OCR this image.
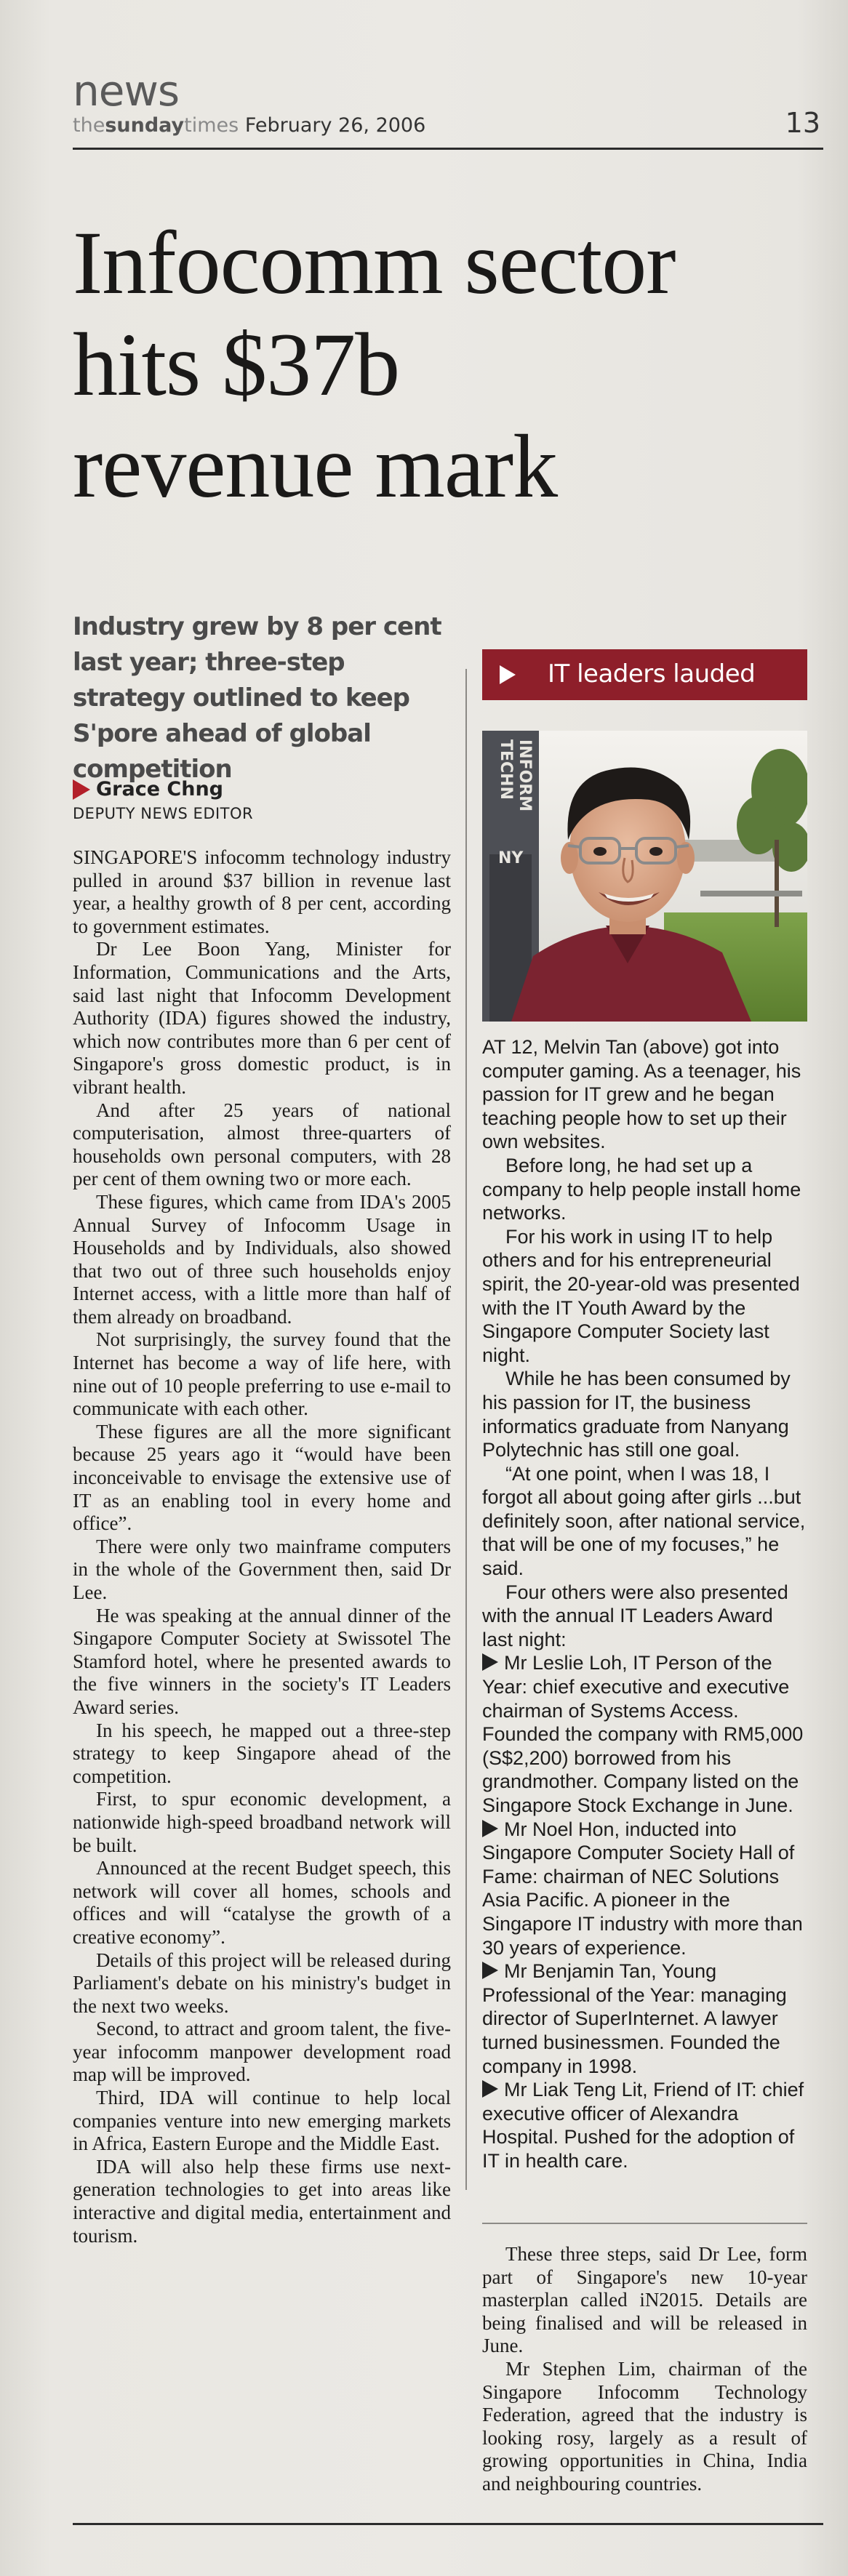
news
thesundaytimes February 26, 2006	13
Infocomm sector
hits $37b
revenue mark
Industry grew by 8 per cent last year; three-step strategy outlined to keep S'pore ahead of global competition
Grace Chng
DEPUTY NEWS EDITOR

SINGAPORE'S infocomm technology industry pulled in around $37 billion in revenue last year, a healthy growth of 8 per cent, according to government estimates.

Dr Lee Boon Yang, Minister for Information, Communications and the Arts, said last night that Infocomm Development Authority (IDA) figures showed the industry, which now contributes more than 6 per cent of Singapore's gross domestic product, is in vibrant health.

And after 25 years of national computerisation, almost three-quarters of households own personal computers, with 28 per cent of them owning two or more each.

These figures, which came from IDA's 2005 Annual Survey of Infocomm Usage in Households and by Individuals, also showed that two out of three such households enjoy Internet access, with a little more than half of them already on broadband.

Not surprisingly, the survey found that the Internet has become a way of life here, with nine out of 10 people preferring to use e-mail to communicate with each other.

These figures are all the more significant because 25 years ago it “would have been inconceivable to envisage the extensive use of IT as an enabling tool in every home and office”.

There were only two mainframe computers in the whole of the Government then, said Dr Lee.

He was speaking at the annual dinner of the Singapore Computer Society at Swissotel The Stamford hotel, where he presented awards to the five winners in the society's IT Leaders Award series.

In his speech, he mapped out a three-step strategy to keep Singapore ahead of the competition.

First, to spur economic development, a nationwide high-speed broadband network will be built.

Announced at the recent Budget speech, this network will cover all homes, schools and offices and will “catalyse the growth of a creative economy”.

Details of this project will be released during Parliament's debate on his ministry's budget in the next two weeks.

Second, to attract and groom talent, the five-year infocomm manpower development road map will be improved.

Third, IDA will continue to help local companies venture into new emerging markets in Africa, Eastern Europe and the Middle East.

IDA will also help these firms use next-generation technologies to get into areas like interactive and digital media, entertainment and tourism.

IT leaders lauded
INFORM
TECHN
NY

AT 12, Melvin Tan (above) got into computer gaming. As a teenager, his passion for IT grew and he began teaching people how to set up their own websites.

Before long, he had set up a company to help people install home networks.

For his work in using IT to help others and for his entrepreneurial spirit, the 20-year-old was presented with the IT Youth Award by the Singapore Computer Society last night.

While he has been consumed by his passion for IT, the business informatics graduate from Nanyang Polytechnic has still one goal.

“At one point, when I was 18, I forgot all about going after girls ...but definitely soon, after national service, that will be one of my focuses,” he said.

Four others were also presented with the annual IT Leaders Award last night:

Mr Leslie Loh, IT Person of the Year: chief executive and executive chairman of Systems Access. Founded the company with RM5,000 (S$2,200) borrowed from his grandmother. Company listed on the Singapore Stock Exchange in June.

Mr Noel Hon, inducted into Singapore Computer Society Hall of Fame: chairman of NEC Solutions Asia Pacific. A pioneer in the Singapore IT industry with more than 30 years of experience.

Mr Benjamin Tan, Young Professional of the Year: managing director of SuperInternet. A lawyer turned businessmen. Founded the company in 1998.

Mr Liak Teng Lit, Friend of IT: chief executive officer of Alexandra Hospital. Pushed for the adoption of IT in health care.

These three steps, said Dr Lee, form part of Singapore's new 10-year masterplan called iN2015. Details are being finalised and will be released in June.

Mr Stephen Lim, chairman of the Singapore Infocomm Technology Federation, agreed that the industry is looking rosy, largely as a result of growing opportunities in China, India and neighbouring countries.
